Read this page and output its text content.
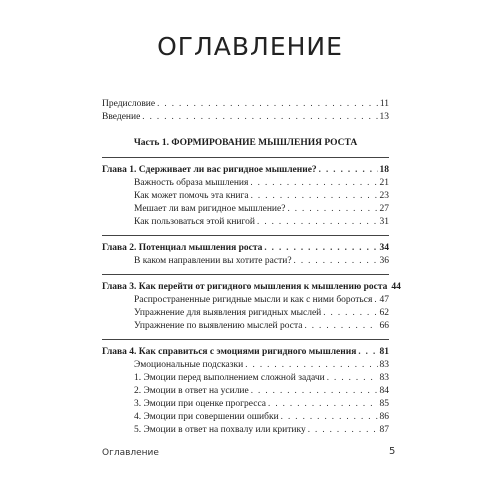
ОГЛАВЛЕНИЕ
Предисловие . . .	11
Введение . . .	13
Часть 1. ФОРМИРОВАНИЕ МЫШЛЕНИЯ РОСТА
Глава 1. Сдерживает ли вас ригидное мышление? . . .	18
Важность образа мышления . . .	21
Как может помочь эта книга . . .	23
Мешает ли вам ригидное мышление? . . .	27
Как пользоваться этой книгой . . .	31
Глава 2. Потенциал мышления роста . . .	34
В каком направлении вы хотите расти? . . .	36
Глава 3. Как перейти от ригидного мышления к мышлению роста 44
Распространенные ригидные мысли и как с ними бороться . . . 47
Упражнение для выявления ригидных мыслей . . .	62
Упражнение по выявлению мыслей роста . . .	66
Глава 4. Как справиться с эмоциями ригидного мышления . . . 81
Эмоциональные подсказки . . .	83
1. Эмоции перед выполнением сложной задачи . . .	83
2. Эмоции в ответ на усилие . . .	84
3. Эмоции при оценке прогресса . . .	85
4. Эмоции при совершении ошибки . . .	86
5. Эмоции в ответ на похвалу или критику . . .	87
Оглавление	5
